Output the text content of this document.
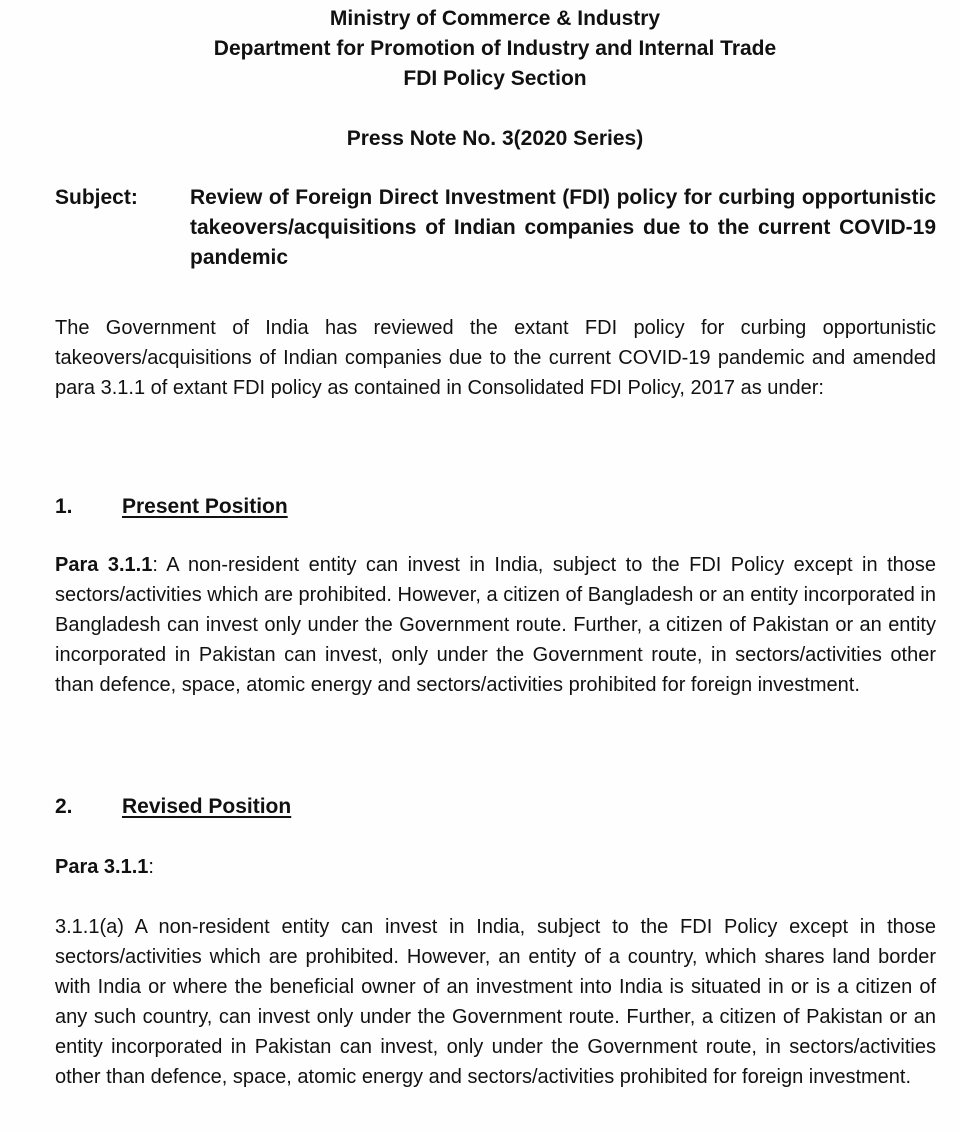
Ministry of Commerce & Industry
Department for Promotion of Industry and Internal Trade
FDI Policy Section
Press Note No. 3(2020 Series)
Subject: Review of Foreign Direct Investment (FDI) policy for curbing opportunistic takeovers/acquisitions of Indian companies due to the current COVID-19 pandemic
The Government of India has reviewed the extant FDI policy for curbing opportunistic takeovers/acquisitions of Indian companies due to the current COVID-19 pandemic and amended para 3.1.1 of extant FDI policy as contained in Consolidated FDI Policy, 2017 as under:
1. Present Position
Para 3.1.1: A non-resident entity can invest in India, subject to the FDI Policy except in those sectors/activities which are prohibited. However, a citizen of Bangladesh or an entity incorporated in Bangladesh can invest only under the Government route. Further, a citizen of Pakistan or an entity incorporated in Pakistan can invest, only under the Government route, in sectors/activities other than defence, space, atomic energy and sectors/activities prohibited for foreign investment.
2. Revised Position
Para 3.1.1:
3.1.1(a) A non-resident entity can invest in India, subject to the FDI Policy except in those sectors/activities which are prohibited. However, an entity of a country, which shares land border with India or where the beneficial owner of an investment into India is situated in or is a citizen of any such country, can invest only under the Government route. Further, a citizen of Pakistan or an entity incorporated in Pakistan can invest, only under the Government route, in sectors/activities other than defence, space, atomic energy and sectors/activities prohibited for foreign investment.
